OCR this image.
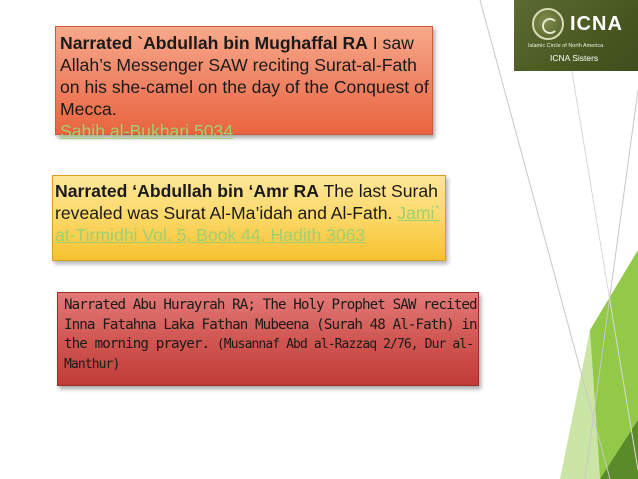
ICNA
Islamic Circle of North America
ICNA Sisters
Narrated `Abdullah bin Mughaffal RA I saw Allah’s Messenger SAW reciting Surat-al-Fath on his she-camel on the day of the Conquest of Mecca.
Sahih al-Bukhari 5034
Narrated ‘Abdullah bin ‘Amr RA The last Surah revealed was Surat Al-Ma’idah and Al-Fath. Jami` at-Tirmidhi Vol. 5, Book 44, Hadith 3063
Narrated Abu Hurayrah RA; The Holy Prophet SAW recited Inna Fatahna Laka Fathan Mubeena (Surah 48 Al-Fath) in the morning prayer. (Musannaf Abd al-Razzaq 2/76, Dur al-Manthur)
